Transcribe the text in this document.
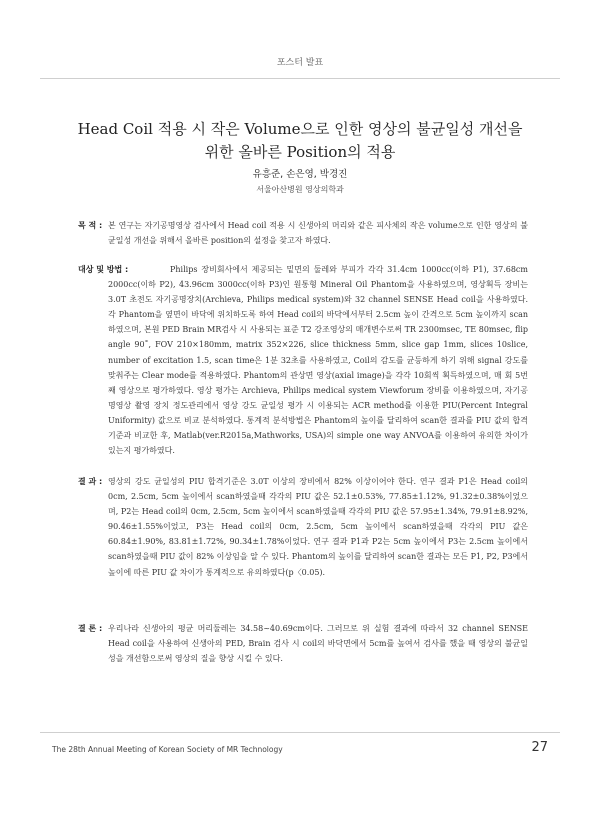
포스터 발표
Head Coil 적용 시 작은 Volume으로 인한 영상의 불균일성 개선을
위한 올바른 Position의 적용
유흥준, 손은영, 박경진
서울아산병원 영상의학과
목 적 : 본 연구는 자기공명영상 검사에서 Head coil 적용 시 신생아의 머리와 같은 피사체의 작은 volume으로 인한 영상의 불균일성 개선을 위해서 올바른 position의 설정을 찾고자 하였다.
대상 및 방법 :	Philips 장비회사에서 제공되는 밑면의 둘레와 부피가 각각 31.4cm 1000cc(이하 P1), 37.68cm 2000cc(이하 P2), 43.96cm 3000cc(이하 P3)인 원통형 Mineral Oil Phantom을 사용하였으며, 영상획득 장비는 3.0T 초전도 자기공명장치(Archieva, Philips medical system)와 32 channel SENSE Head coil을 사용하였다. 각 Phantom을 옆면이 바닥에 위치하도록 하여 Head coil의 바닥에서부터 2.5cm 높이 간격으로 5cm 높이까지 scan하였으며, 본원 PED Brain MR검사 시 사용되는 표준 T2 강조영상의 매개변수로써 TR 2300msec, TE 80msec, flip angle 90˚, FOV 210×180mm, matrix 352×226, slice thickness 5mm, slice gap 1mm, slices 10slice, number of excitation 1.5, scan time은 1분 32초를 사용하였고, Coil의 감도를 균등하게 하기 위해 signal 강도를 맞춰주는 Clear mode를 적용하였다. Phantom의 관상면 영상(axial image)을 각각 10회씩 획득하였으며, 매 회 5번째 영상으로 평가하였다. 영상 평가는 Archieva, Philips medical system Viewforum 장비를 이용하였으며, 자기공명영상 촬영 장치 정도관리에서 영상 강도 균일성 평가 시 이용되는 ACR method를 이용한 PIU(Percent Integral Uniformity) 값으로 비교 분석하였다. 통계적 분석방법은 Phantom의 높이를 달리하여 scan한 결과를 PIU 값의 합격 기준과 비교한 후, Matlab(ver.R2015a,Mathworks, USA)의 simple one way ANVOA를 이용하여 유의한 차이가 있는지 평가하였다.
결 과 : 영상의 강도 균일성의 PIU 합격기준은 3.0T 이상의 장비에서 82% 이상이어야 한다. 연구 결과 P1은 Head coil의 0cm, 2.5cm, 5cm 높이에서 scan하였을때 각각의 PIU 값은 52.1±0.53%, 77.85±1.12%, 91.32±0.38%이었으며, P2는 Head coil의 0cm, 2.5cm, 5cm 높이에서 scan하였을때 각각의 PIU 값은 57.95±1.34%, 79.91±8.92%, 90.46±1.55%이었고, P3는 Head coil의 0cm, 2.5cm, 5cm 높이에서 scan하였을때 각각의 PIU 값은 60.84±1.90%, 83.81±1.72%, 90.34±1.78%이었다. 연구 결과 P1과 P2는 5cm 높이에서 P3는 2.5cm 높이에서 scan하였을때 PIU 값이 82% 이상임을 알 수 있다. Phantom의 높이를 달리하여 scan한 결과는 모든 P1, P2, P3에서 높이에 따른 PIU 값 차이가 통계적으로 유의하였다(p〈0.05).
결 론 : 우리나라 신생아의 평균 머리둘레는 34.58~40.69cm이다. 그러므로 위 실험 결과에 따라서 32 channel SENSE Head coil을 사용하여 신생아의 PED, Brain 검사 시 coil의 바닥면에서 5cm를 높여서 검사를 했을 때 영상의 불균일성을 개선함으로써 영상의 질을 향상 시킬 수 있다.
The 28th Annual Meeting of Korean Society of MR Technology	27
